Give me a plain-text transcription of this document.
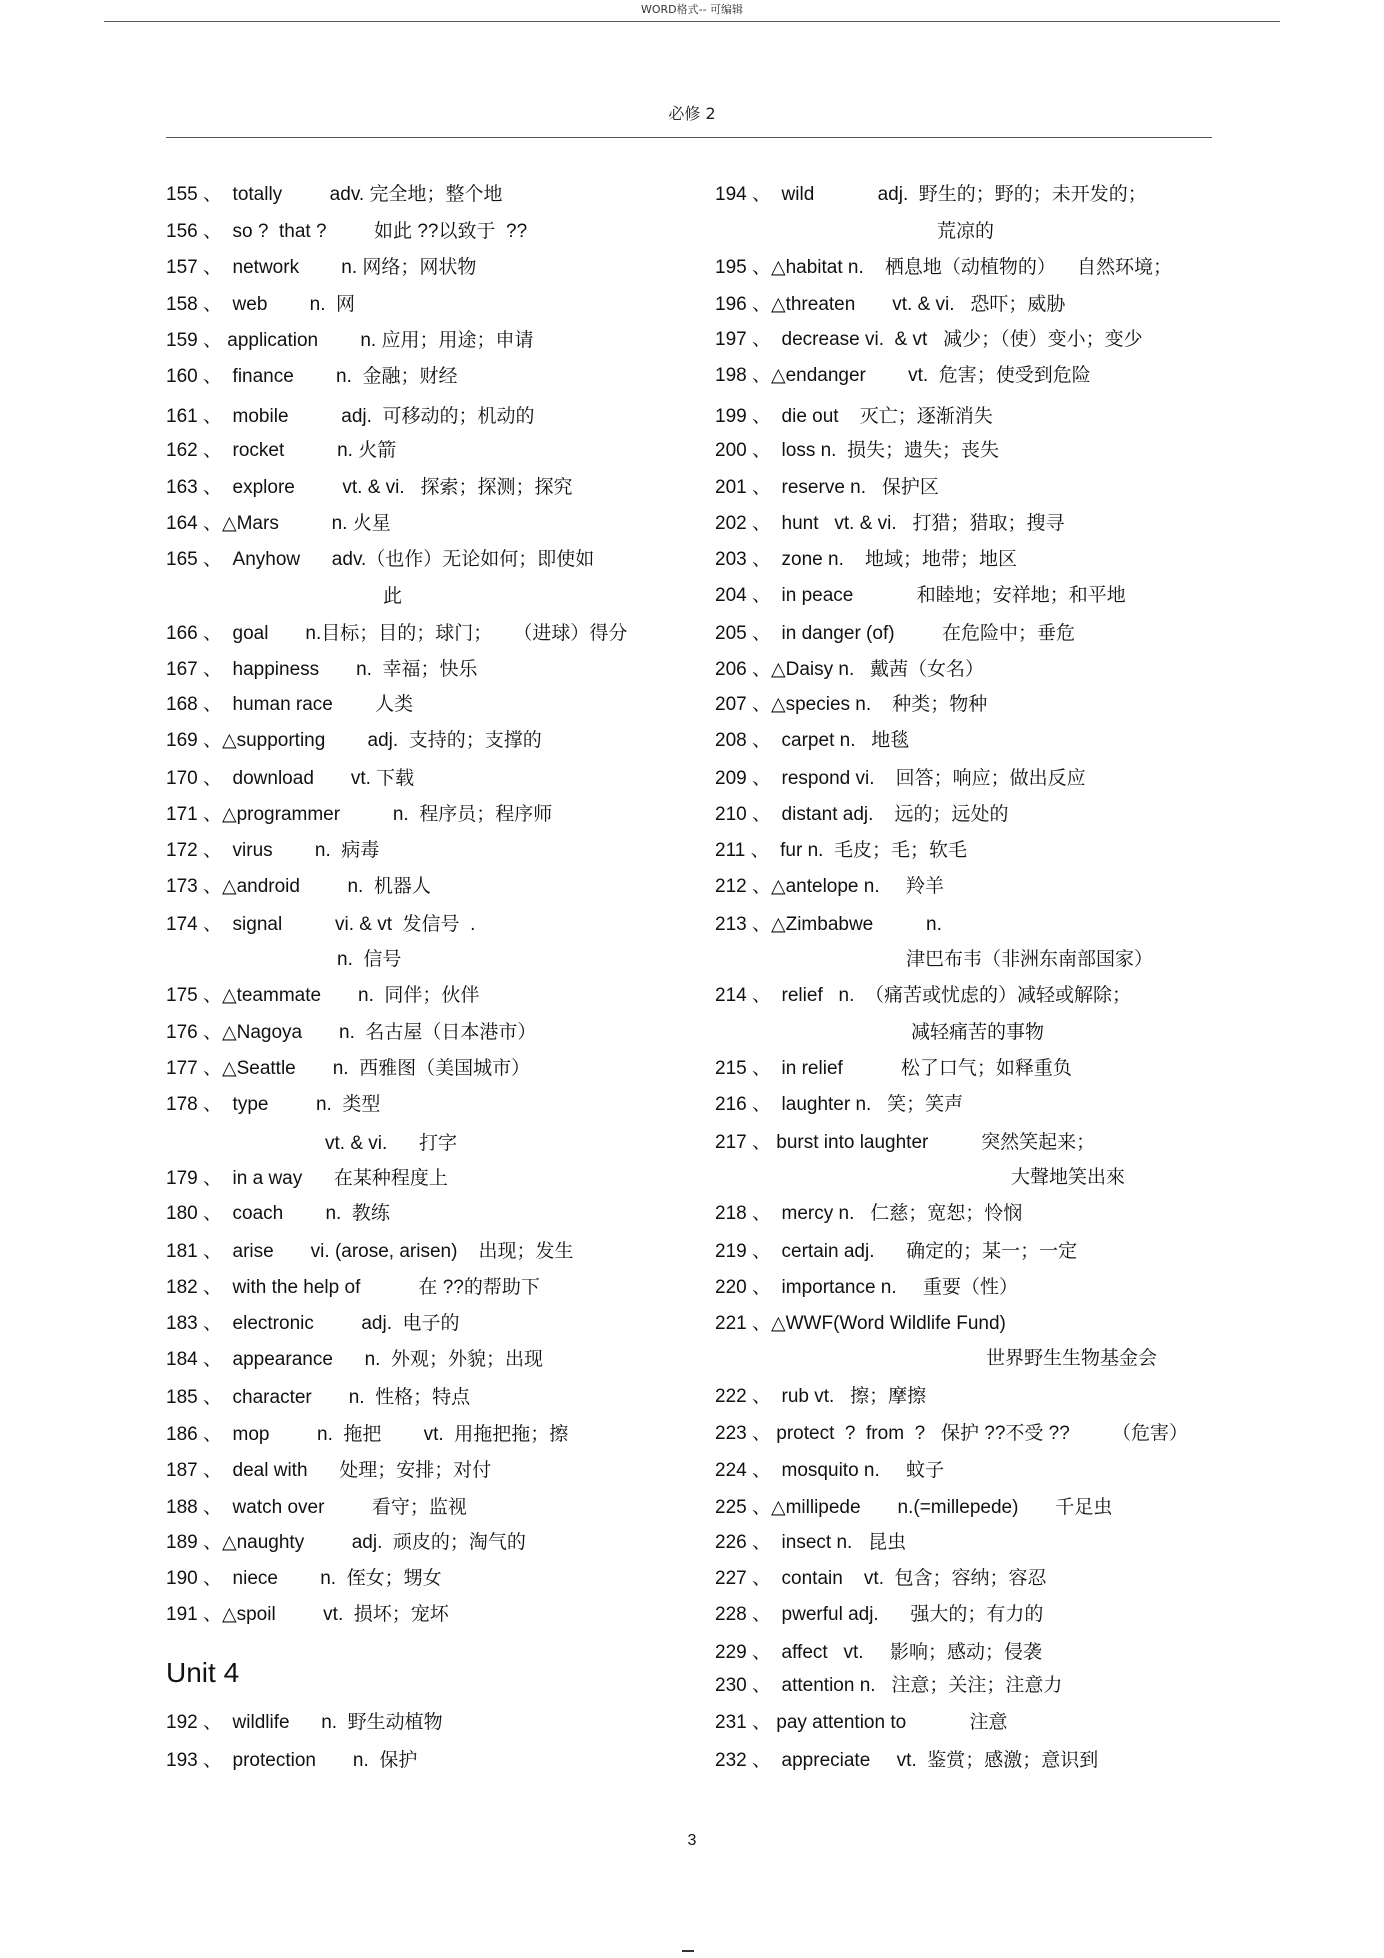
WORD格式-- 可编辑
必修 2
155 、  totally         adv. 完全地；整个地
156 、  so ?  that ?         如此 ??以致于  ??
157 、  network        n. 网络；网状物
158 、  web        n.  网
159 、 application        n. 应用；用途；申请
160 、  finance        n.  金融；财经
161 、  mobile          adj.  可移动的；机动的
162 、  rocket          n. 火箭
163 、  explore         vt. & vi.   探索；探测；探究
164 、△Mars          n. 火星
165 、  Anyhow      adv.（也作）无论如何；即使如
166 、  goal       n.目标；目的；球门；    （进球）得分
167 、  happiness       n.  幸福；快乐
168 、  human race        人类
169 、△supporting        adj.  支持的；支撑的
170 、  download       vt. 下载
171 、△programmer          n.  程序员；程序师
172 、  virus        n.  病毒
173 、△android         n.  机器人
174 、  signal          vi. & vt  发信号  .
175 、△teammate       n.  同伴；伙伴
176 、△Nagoya       n.  名古屋（日本港市）
177 、△Seattle       n.  西雅图（美国城市）
178 、  type         n.  类型
179 、  in a way      在某种程度上
180 、  coach        n.  教练
181 、  arise       vi. (arose, arisen)    出现；发生
182 、  with the help of           在 ??的帮助下
183 、  electronic         adj.  电子的
184 、  appearance      n.  外观；外貌；出现
185 、  character       n.  性格；特点
186 、  mop         n.  拖把        vt.  用拖把拖；擦
187 、  deal with      处理；安排；对付
188 、  watch over         看守；监视
189 、△naughty         adj.  顽皮的；淘气的
190 、  niece        n.  侄女；甥女
191 、△spoil         vt.  损坏；宠坏
192 、  wildlife      n.  野生动植物
193 、  protection       n.  保护
此
n.  信号
vt. & vi.      打字
194 、  wild            adj.  野生的；野的；未开发的；
195 、△habitat n.    栖息地（动植物的）    自然环境；
196 、△threaten       vt. & vi.   恐吓；威胁
197 、  decrease vi.  & vt   减少；（使）变小；变少
198 、△endanger        vt.  危害；使受到危险
199 、  die out    灭亡；逐渐消失
200 、  loss n.  损失；遗失；丧失
201 、  reserve n.   保护区
202 、  hunt   vt. & vi.   打猎；猎取；搜寻
203 、  zone n.    地域；地带；地区
204 、  in peace            和睦地；安祥地；和平地
205 、  in danger (of)         在危险中；垂危
206 、△Daisy n.   戴茜（女名）
207 、△species n.    种类；物种
208 、  carpet n.   地毯
209 、  respond vi.    回答；响应；做出反应
210 、  distant adj.    远的；远处的
211 、  fur n.  毛皮；毛；软毛
212 、△antelope n.     羚羊
213 、△Zimbabwe          n.
214 、  relief   n.  （痛苦或忧虑的）减轻或解除；
215 、  in relief           松了口气；如释重负
216 、  laughter n.   笑；笑声
217 、 burst into laughter          突然笑起来；
218 、  mercy n.   仁慈；宽恕；怜悯
219 、  certain adj.      确定的；某一；一定
220 、  importance n.     重要（性）
221 、△WWF(Word Wildlife Fund)
222 、  rub vt.   擦；摩擦
223 、 protect  ?  from  ?   保护 ??不受 ??        （危害）
224 、  mosquito n.     蚊子
225 、△millipede       n.(=millepede)       千足虫
226 、  insect n.   昆虫
227 、  contain    vt.  包含；容纳；容忍
228 、  pwerful adj.      强大的；有力的
229 、  affect   vt.     影响；感动；侵袭
230 、  attention n.   注意；关注；注意力
231 、 pay attention to            注意
232 、  appreciate     vt.  鉴赏；感激；意识到
荒凉的
津巴布韦（非洲东南部国家）
减轻痛苦的事物
大聲地笑出來
世界野生生物基金会
Unit 4
3
